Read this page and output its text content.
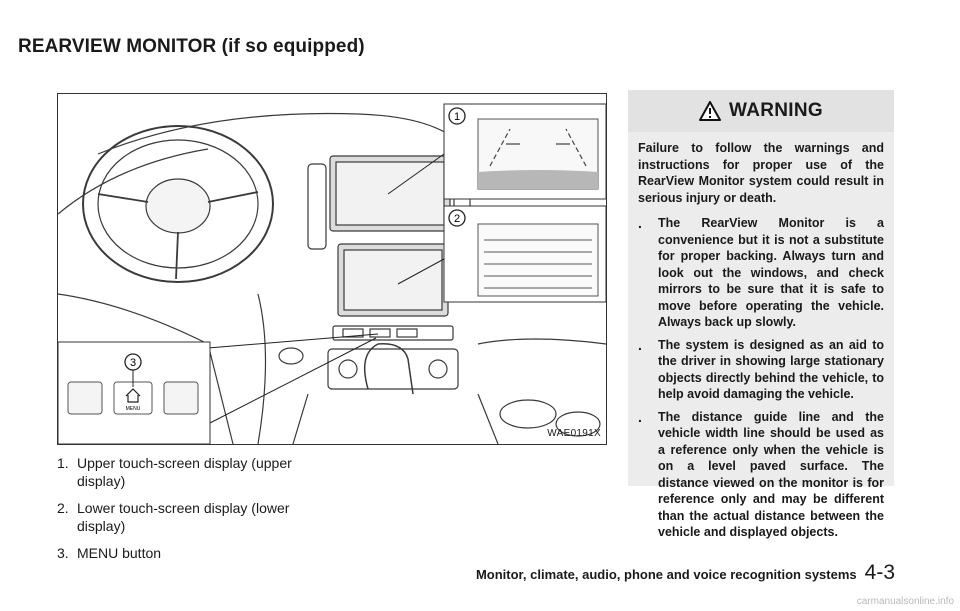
REARVIEW MONITOR (if so equipped)
1
2
MENU
3
WAE0191X
1. Upper touch-screen display (upper display)
2. Lower touch-screen display (lower display)
3. MENU button
WARNING

Failure to follow the warnings and instructions for proper use of the RearView Monitor system could result in serious injury or death.

.	The RearView Monitor is a convenience but it is not a substitute for proper backing. Always turn and look out the windows, and check mirrors to be sure that it is safe to move before operating the vehicle. Always back up slowly.
.	The system is designed as an aid to the driver in showing large stationary objects directly behind the vehicle, to help avoid damaging the vehicle.
.	The distance guide line and the vehicle width line should be used as a reference only when the vehicle is on a level paved surface. The distance viewed on the monitor is for reference only and may be different than the actual distance between the vehicle and displayed objects.
Monitor, climate, audio, phone and voice recognition systems 4-3
carmanualsonline.info
